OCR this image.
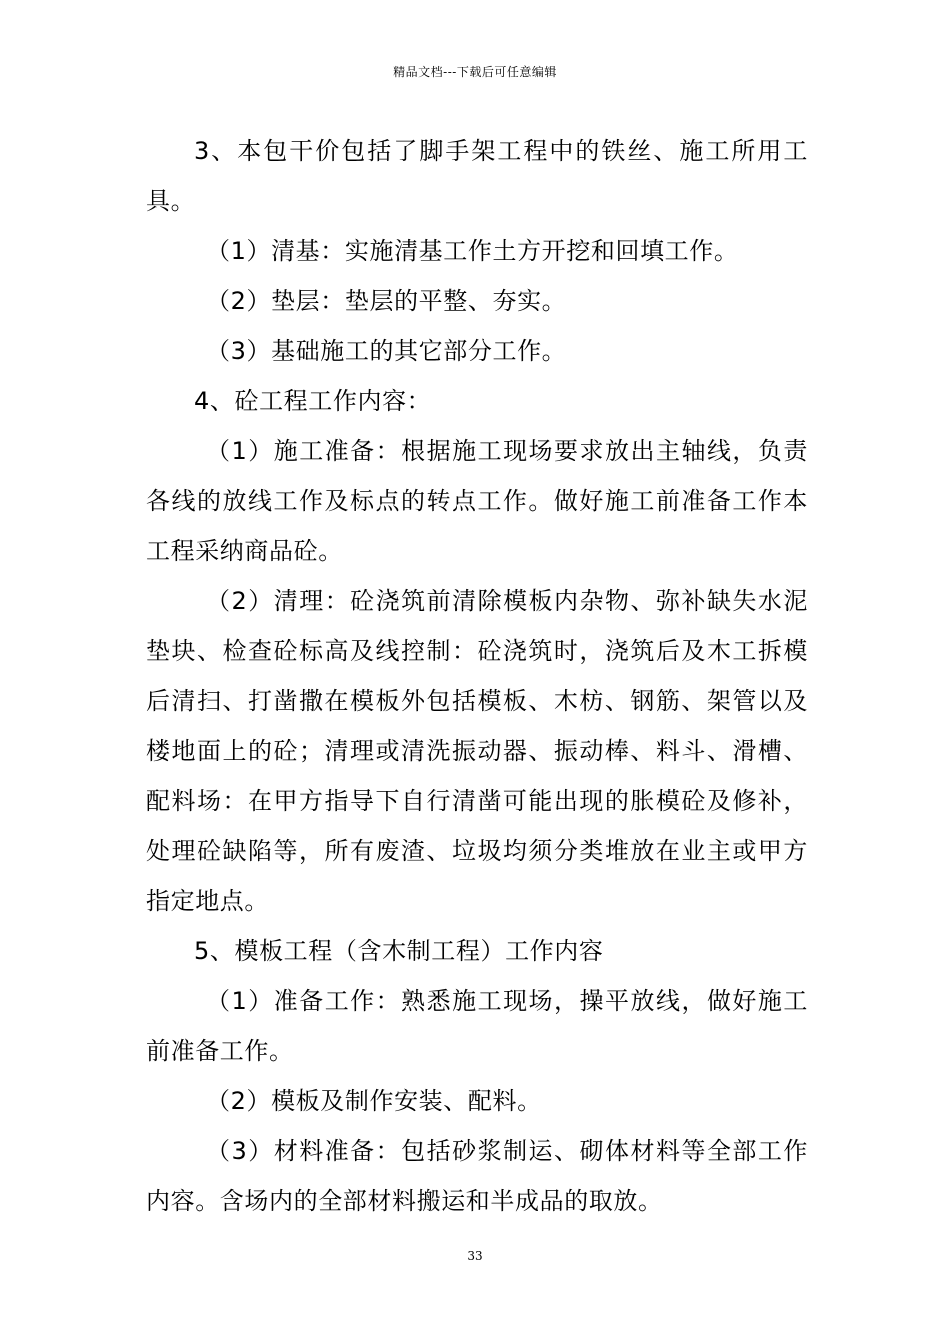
精品文档---下载后可任意编辑

3、本包干价包括了脚手架工程中的铁丝、施工所用工具。

（1）清基：实施清基工作土方开挖和回填工作。

（2）垫层：垫层的平整、夯实。

（3）基础施工的其它部分工作。

4、砼工程工作内容：

（1）施工准备：根据施工现场要求放出主轴线，负责各线的放线工作及标点的转点工作。做好施工前准备工作本工程采纳商品砼。

（2）清理：砼浇筑前清除模板内杂物、弥补缺失水泥垫块、检查砼标高及线控制：砼浇筑时，浇筑后及木工拆模后清扫、打凿撒在模板外包括模板、木枋、钢筋、架管以及楼地面上的砼；清理或清洗振动器、振动棒、料斗、滑槽、配料场：在甲方指导下自行清凿可能出现的胀模砼及修补，处理砼缺陷等，所有废渣、垃圾均须分类堆放在业主或甲方指定地点。

5、模板工程（含木制工程）工作内容

（1）准备工作：熟悉施工现场，操平放线，做好施工前准备工作。

（2）模板及制作安装、配料。

（3）材料准备：包括砂浆制运、砌体材料等全部工作内容。含场内的全部材料搬运和半成品的取放。

33
